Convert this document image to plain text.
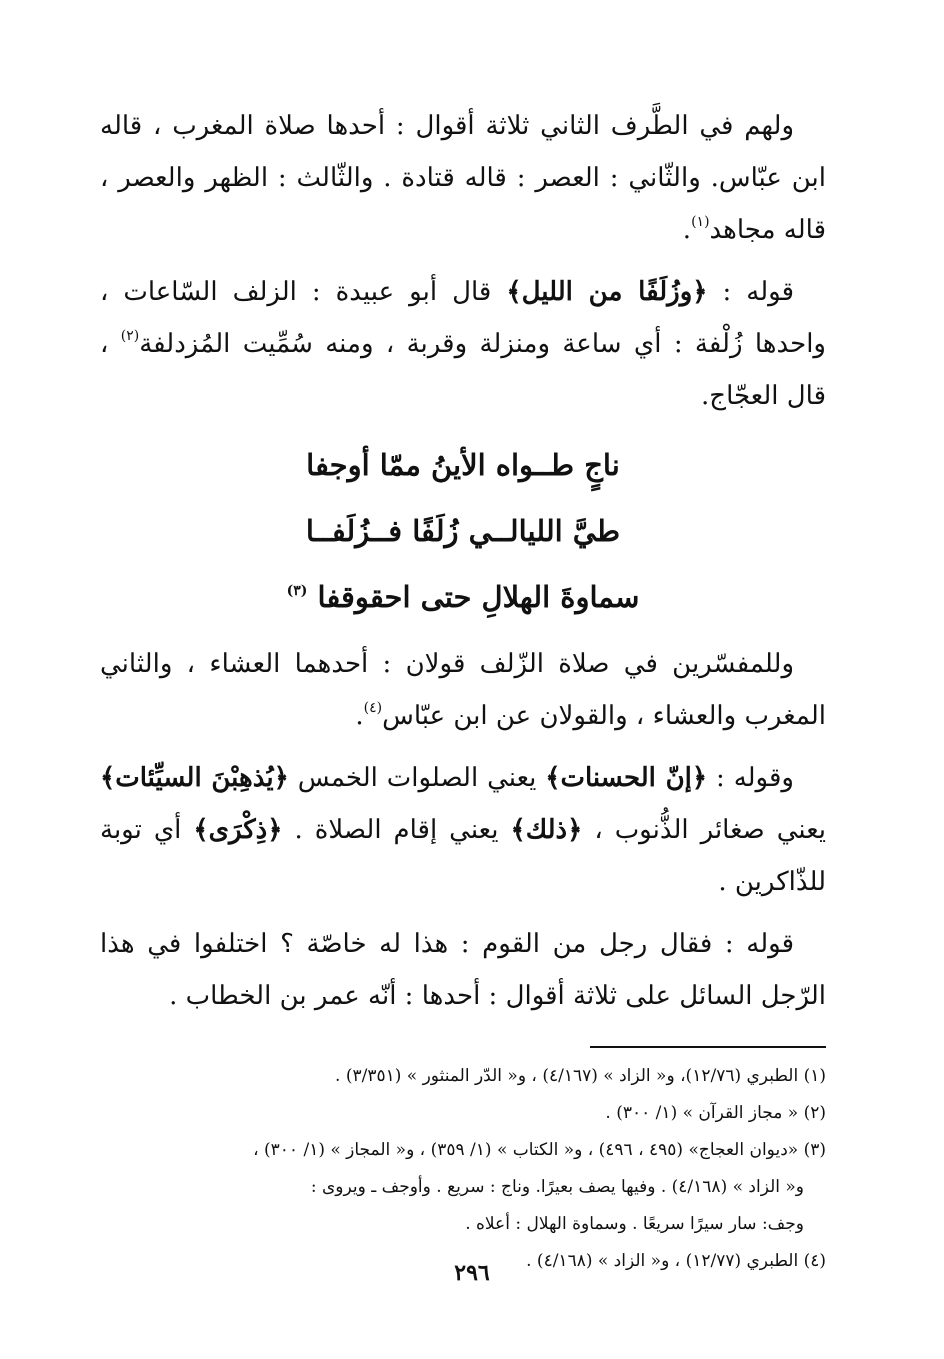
ولهم في الطَّرف الثاني ثلاثة أقوال : أحدها صلاة المغرب ، قاله ابن عبّاس. والثّاني : العصر : قاله قتادة . والثّالث : الظهر والعصر ، قاله مجاهد$^{(١)}$.

قوله : ﴿وزُلَفًا من الليل﴾ قال أبو عبيدة : الزلف السّاعات ، واحدها زُلْفة : أي ساعة ومنزلة وقربة ، ومنه سُمِّيت المُزدلفة$^{(٢)}$ ، قال العجّاج.

ناجٍ طــواه الأينُ ممّا أوجفا
طيَّ الليالــي زُلَفًا فــزُلَفــا
سماوةَ الهلالِ حتى احقوقفا $^{(٣)}$

وللمفسّرين في صلاة الزّلف قولان : أحدهما العشاء ، والثاني المغرب والعشاء ، والقولان عن ابن عبّاس$^{(٤)}$.

وقوله : ﴿إنّ الحسنات﴾ يعني الصلوات الخمس ﴿يُذهِبْنَ السيِّئات﴾ يعني صغائر الذُّنوب ، ﴿ذلك﴾ يعني إقام الصلاة . ﴿ذِكْرَى﴾ أي توبة للذّاكرين .

قوله : فقال رجل من القوم : هذا له خاصّة ؟ اختلفوا في هذا الرّجل السائل على ثلاثة أقوال : أحدها : أنّه عمر بن الخطاب .

(١) الطبري (١٢/٧٦)، و« الزاد » (٤/١٦٧) ، و« الدّر المنثور » (٣/٣٥١) .
(٢) « مجاز القرآن » (١/ ٣٠٠) .
(٣) «ديوان العجاج» (٤٩٥ ، ٤٩٦) ، و« الكتاب » (١/ ٣٥٩) ، و« المجاز » (١/ ٣٠٠) ،
و« الزاد » (٤/١٦٨) . وفيها يصف بعيرًا. وناج : سريع . وأوجف ـ ويروى :
وجف: سار سيرًا سريعًا . وسماوة الهلال : أعلاه .
(٤) الطبري (١٢/٧٧) ، و« الزاد » (٤/١٦٨) .
٢٩٦
